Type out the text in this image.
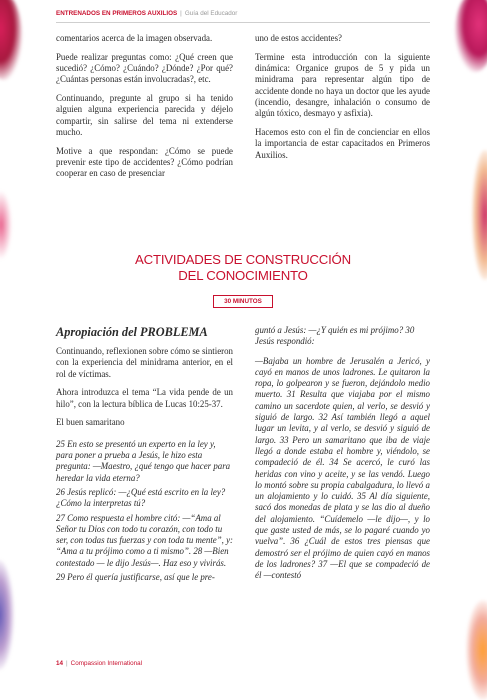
ENTRENADOS EN PRIMEROS AUXILIOS | Guía del Educador

comentarios acerca de la imagen observada.

Puede realizar preguntas como: ¿Qué creen que sucedió? ¿Cómo? ¿Cuándo? ¿Dónde? ¿Por qué? ¿Cuántas personas están involucradas?, etc.

Continuando, pregunte al grupo si ha tenido alguien alguna experiencia parecida y déjelo compartir, sin salirse del tema ni extenderse mucho.

Motive a que respondan: ¿Cómo se puede prevenir este tipo de accidentes? ¿Cómo podrían cooperar en caso de presenciar

uno de estos accidentes?

Termine esta introducción con la siguiente dinámica: Organice grupos de 5 y pida un minidrama para representar algún tipo de accidente donde no haya un doctor que les ayude (incendio, desangre, inhalación o consumo de algún tóxico, desmayo y asfixia).

Hacemos esto con el fin de concienciar en ellos la importancia de estar capacitados en Primeros Auxilios.

ACTIVIDADES DE CONSTRUCCIÓN
DEL CONOCIMIENTO
30 MINUTOS
Apropiación del PROBLEMA

Continuando, reflexionen sobre cómo se sintieron con la experiencia del minidrama anterior, en el rol de víctimas.

Ahora introduzca el tema “La vida pende de un hilo”, con la lectura bíblica de Lucas 10:25-37.

El buen samaritano

25 En esto se presentó un experto en la ley y, para poner a prueba a Jesús, le hizo esta pregunta: —Maestro, ¿qué tengo que hacer para heredar la vida eterna?

26 Jesús replicó: —¿Qué está escrito en la ley? ¿Cómo la interpretas tú?

27 Como respuesta el hombre citó: —“Ama al Señor tu Dios con todo tu corazón, con todo tu ser, con todas tus fuerzas y con toda tu mente”, y: “Ama a tu prójimo como a ti mismo”. 28 —Bien contestado — le dijo Jesús—. Haz eso y vivirás.

29 Pero él quería justificarse, así que le pre-

guntó a Jesús: —¿Y quién es mi prójimo? 30 Jesús respondió:

—Bajaba un hombre de Jerusalén a Jericó, y cayó en manos de unos ladrones. Le quitaron la ropa, lo golpearon y se fueron, dejándolo medio muerto. 31 Resulta que viajaba por el mismo camino un sacerdote quien, al verlo, se desvió y siguió de largo. 32 Así también llegó a aquel lugar un levita, y al verlo, se desvió y siguió de largo. 33 Pero un samaritano que iba de viaje llegó a donde estaba el hombre y, viéndolo, se compadeció de él. 34 Se acercó, le curó las heridas con vino y aceite, y se las vendó. Luego lo montó sobre su propia cabalgadura, lo llevó a un alojamiento y lo cuidó. 35 Al día siguiente, sacó dos monedas de plata y se las dio al dueño del alojamiento. “Cuídemelo —le dijo—, y lo que gaste usted de más, se lo pagaré cuando yo vuelva”. 36 ¿Cuál de estos tres piensas que demostró ser el prójimo de quien cayó en manos de los ladrones? 37 —El que se compadeció de él —contestó

14 | Compassion International
